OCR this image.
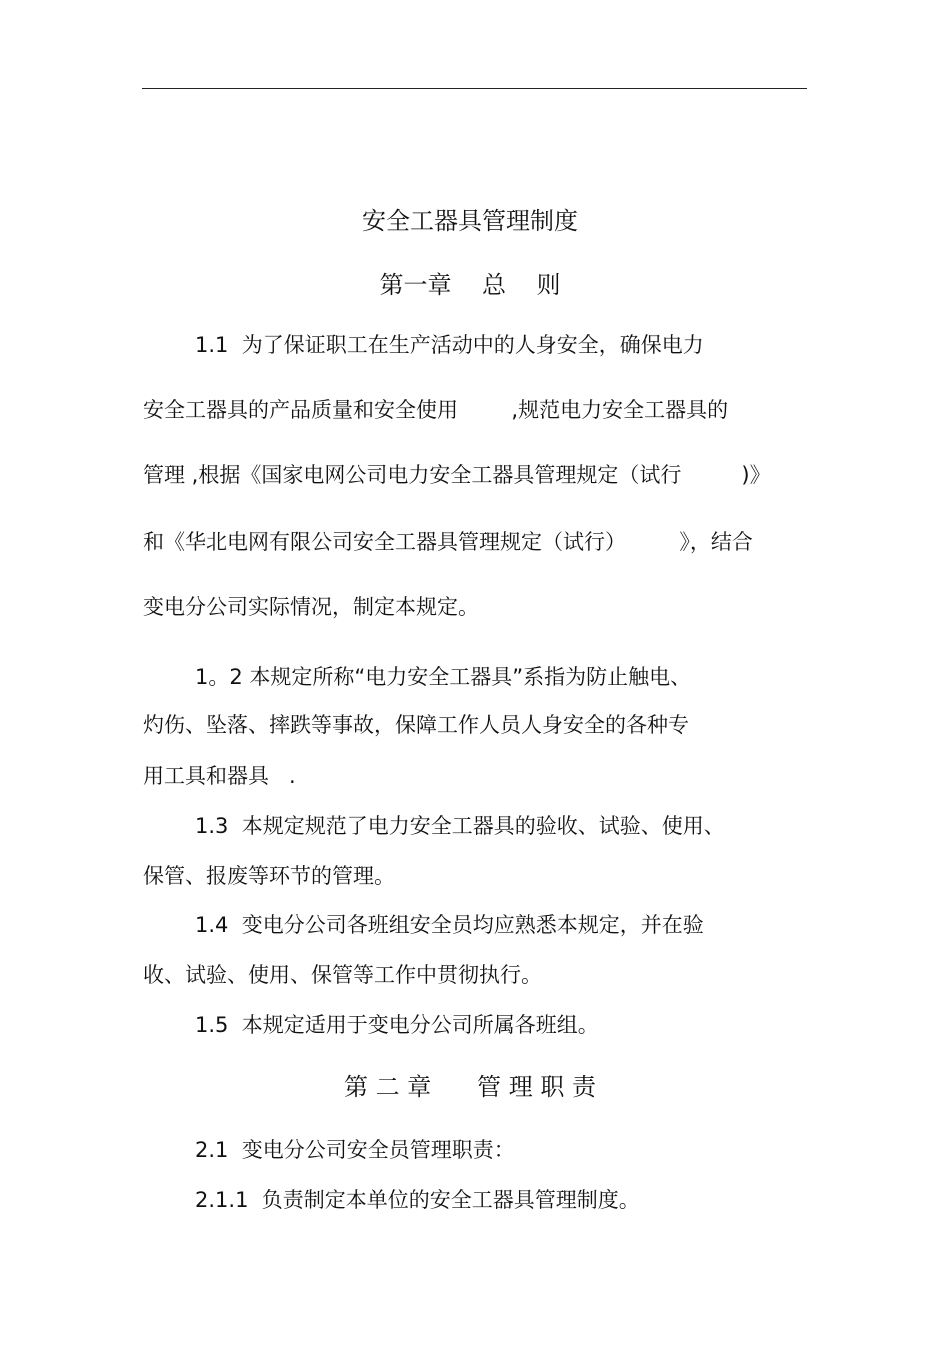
安全工器具管理制度
第一章    总    则
1.1  为了保证职工在生产活动中的人身安全，确保电力
安全工器具的产品质量和安全使用        ,规范电力安全工器具的
管理 ,根据《国家电网公司电力安全工器具管理规定（试行         )》
和《华北电网有限公司安全工器具管理规定（试行）        》，结合
变电分公司实际情况，制定本规定。
1。2 本规定所称“电力安全工器具”系指为防止触电、
灼伤、坠落、摔跌等事故，保障工作人员人身安全的各种专
用工具和器具   .
1.3  本规定规范了电力安全工器具的验收、试验、使用、
保管、报废等环节的管理。
1.4  变电分公司各班组安全员均应熟悉本规定，并在验
收、试验、使用、保管等工作中贯彻执行。
1.5  本规定适用于变电分公司所属各班组。
第 二 章      管 理 职 责
2.1  变电分公司安全员管理职责：
2.1.1  负责制定本单位的安全工器具管理制度。
